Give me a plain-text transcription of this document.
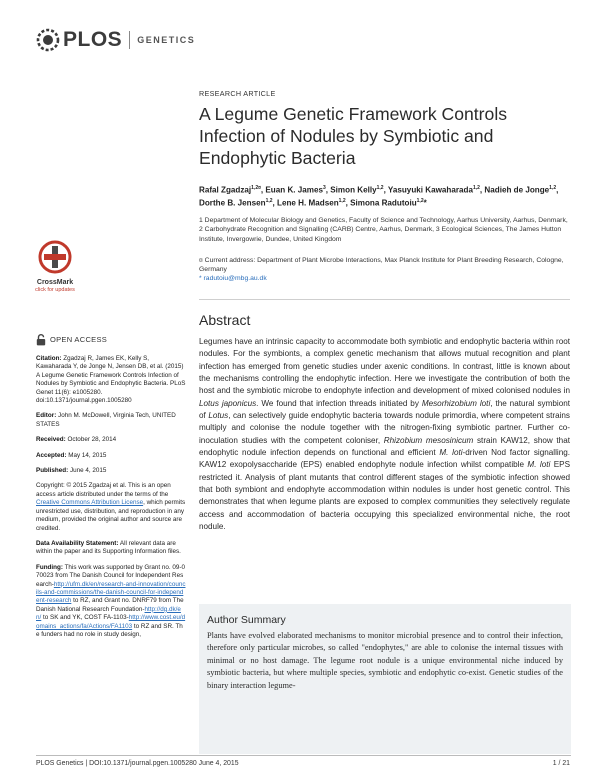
PLOS GENETICS
CrossMark
click for updates
OPEN ACCESS

Citation: Zgadzaj R, James EK, Kelly S, Kawaharada Y, de Jonge N, Jensen DB, et al. (2015) A Legume Genetic Framework Controls Infection of Nodules by Symbiotic and Endophytic Bacteria. PLoS Genet 11(6): e1005280. doi:10.1371/journal.pgen.1005280

Editor: John M. McDowell, Virginia Tech, UNITED STATES

Received: October 28, 2014

Accepted: May 14, 2015

Published: June 4, 2015

Copyright: © 2015 Zgadzaj et al. This is an open access article distributed under the terms of the Creative Commons Attribution License, which permits unrestricted use, distribution, and reproduction in any medium, provided the original author and source are credited.

Data Availability Statement: All relevant data are within the paper and its Supporting Information files.

Funding: This work was supported by Grant no. 09-070023 from The Danish Council for Independent Research-http://ufm.dk/en/research-and-innovation/councils-and-commissions/the-danish-council-for-independent-research to RZ, and Grant no. DNRF79 from The Danish National Research Foundation-http://dg.dk/en/ to SK and YK, COST FA-1103-http://www.cost.eu/domains_actions/fa/Actions/FA1103 to RZ and SR. The funders had no role in study design,

RESEARCH ARTICLE
A Legume Genetic Framework Controls Infection of Nodules by Symbiotic and Endophytic Bacteria
Rafal Zgadzaj$^{1,2¤}$, Euan K. James$^3$, Simon Kelly$^{1,2}$, Yasuyuki Kawaharada$^{1,2}$, Nadieh de Jonge$^{1,2}$, Dorthe B. Jensen$^{1,2}$, Lene H. Madsen$^{1,2}$, Simona Radutoiu$^{1,2}$*
1 Department of Molecular Biology and Genetics, Faculty of Science and Technology, Aarhus University, Aarhus, Denmark, 2 Carbohydrate Recognition and Signalling (CARB) Centre, Aarhus, Denmark, 3 Ecological Sciences, The James Hutton Institute, Invergowrie, Dundee, United Kingdom
¤ Current address: Department of Plant Microbe Interactions, Max Planck Institute for Plant Breeding Research, Cologne, Germany
* radutoiu@mbg.au.dk
Abstract

Legumes have an intrinsic capacity to accommodate both symbiotic and endophytic bacteria within root nodules. For the symbionts, a complex genetic mechanism that allows mutual recognition and plant infection has emerged from genetic studies under axenic conditions. In contrast, little is known about the mechanisms controlling the endophytic infection. Here we investigate the contribution of both the host and the symbiotic microbe to endophyte infection and development of mixed colonised nodules in Lotus japonicus. We found that infection threads initiated by Mesorhizobium loti, the natural symbiont of Lotus, can selectively guide endophytic bacteria towards nodule primordia, where competent strains multiply and colonise the nodule together with the nitrogen-fixing symbiotic partner. Further co-inoculation studies with the competent coloniser, Rhizobium mesosinicum strain KAW12, show that endophytic nodule infection depends on functional and efficient M. loti-driven Nod factor signalling. KAW12 exopolysaccharide (EPS) enabled endophyte nodule infection whilst compatible M. loti EPS restricted it. Analysis of plant mutants that control different stages of the symbiotic infection showed that both symbiont and endophyte accommodation within nodules is under host genetic control. This demonstrates that when legume plants are exposed to complex communities they selectively regulate access and accommodation of bacteria occupying this specialized environmental niche, the root nodule.

Author Summary

Plants have evolved elaborated mechanisms to monitor microbial presence and to control their infection, therefore only particular microbes, so called "endophytes," are able to colonise the internal tissues with minimal or no host damage. The legume root nodule is a unique environmental niche induced by symbiotic bacteria, but where multiple species, symbiotic and endophytic co-exist. Genetic studies of the binary interaction legume-

PLOS Genetics | DOI:10.1371/journal.pgen.1005280 June 4, 2015	1 / 21
